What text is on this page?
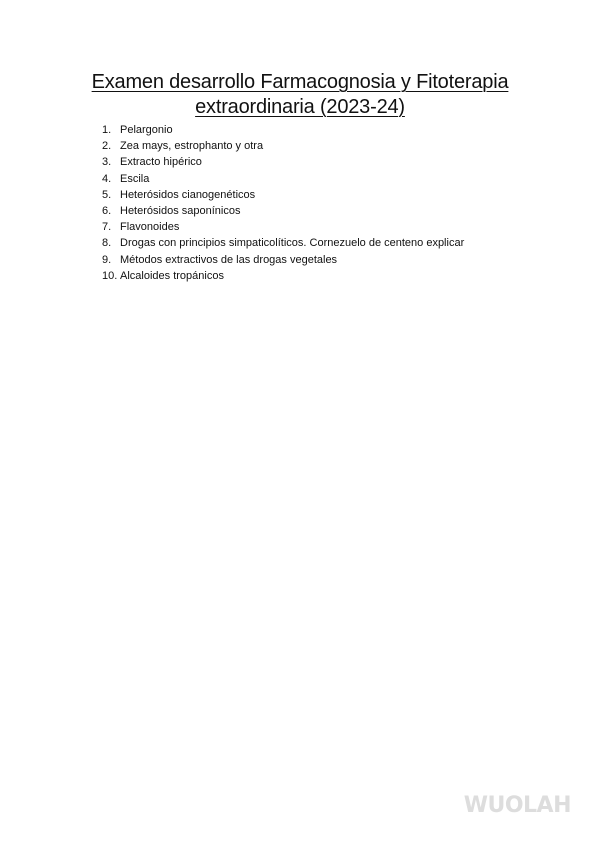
Examen desarrollo Farmacognosia y Fitoterapia
extraordinaria (2023-24)
1. Pelargonio
2. Zea mays, estrophanto y otra
3. Extracto hipérico
4. Escila
5. Heterósidos cianogenéticos
6. Heterósidos saponínicos
7. Flavonoides
8. Drogas con principios simpaticolíticos. Cornezuelo de centeno explicar
9. Métodos extractivos de las drogas vegetales
10. Alcaloides tropánicos
WUOLAH
